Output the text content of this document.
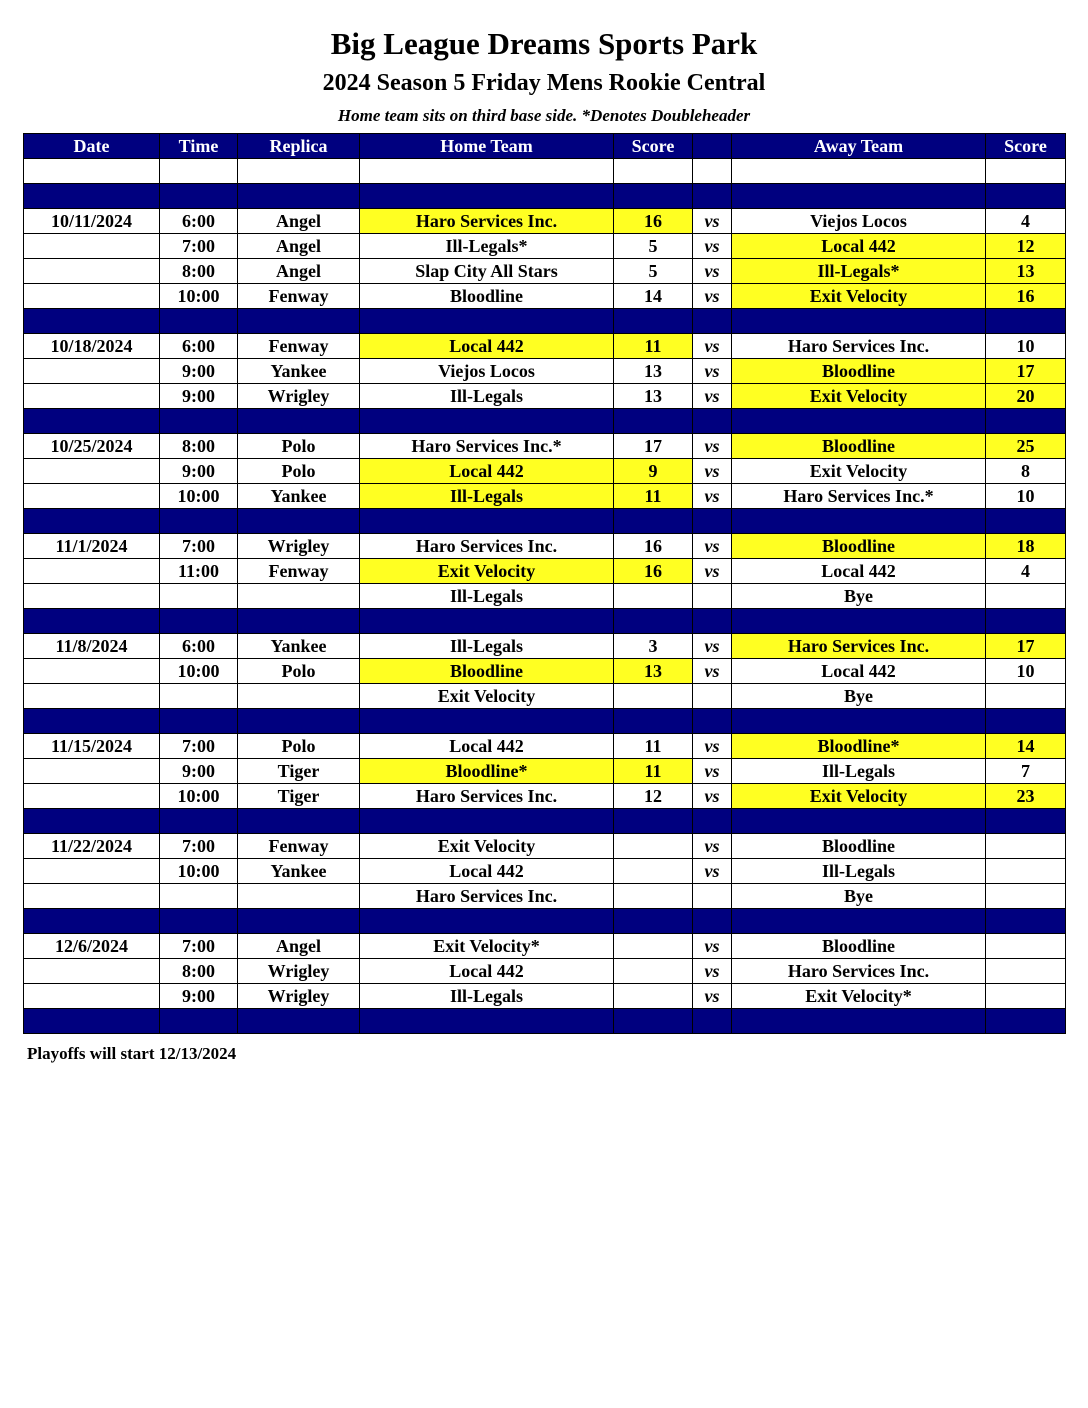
Big League Dreams Sports Park
2024 Season 5 Friday Mens Rookie Central
Home team sits on third base side. *Denotes Doubleheader
Date	Time	Replica	Home Team	Score		Away Team	Score

10/11/2024	6:00	Angel	Haro Services Inc.	16	vs	Viejos Locos	4
	7:00	Angel	Ill-Legals*	5	vs	Local 442	12
	8:00	Angel	Slap City All Stars	5	vs	Ill-Legals*	13
	10:00	Fenway	Bloodline	14	vs	Exit Velocity	16

10/18/2024	6:00	Fenway	Local 442	11	vs	Haro Services Inc.	10
	9:00	Yankee	Viejos Locos	13	vs	Bloodline	17
	9:00	Wrigley	Ill-Legals	13	vs	Exit Velocity	20

10/25/2024	8:00	Polo	Haro Services Inc.*	17	vs	Bloodline	25
	9:00	Polo	Local 442	9	vs	Exit Velocity	8
	10:00	Yankee	Ill-Legals	11	vs	Haro Services Inc.*	10

11/1/2024	7:00	Wrigley	Haro Services Inc.	16	vs	Bloodline	18
	11:00	Fenway	Exit Velocity	16	vs	Local 442	4
			Ill-Legals			Bye	

11/8/2024	6:00	Yankee	Ill-Legals	3	vs	Haro Services Inc.	17
	10:00	Polo	Bloodline	13	vs	Local 442	10
			Exit Velocity			Bye	

11/15/2024	7:00	Polo	Local 442	11	vs	Bloodline*	14
	9:00	Tiger	Bloodline*	11	vs	Ill-Legals	7
	10:00	Tiger	Haro Services Inc.	12	vs	Exit Velocity	23

11/22/2024	7:00	Fenway	Exit Velocity		vs	Bloodline	
	10:00	Yankee	Local 442		vs	Ill-Legals	
			Haro Services Inc.			Bye	

12/6/2024	7:00	Angel	Exit Velocity*		vs	Bloodline	
	8:00	Wrigley	Local 442		vs	Haro Services Inc.	
	9:00	Wrigley	Ill-Legals		vs	Exit Velocity*	

Playoffs will start 12/13/2024
